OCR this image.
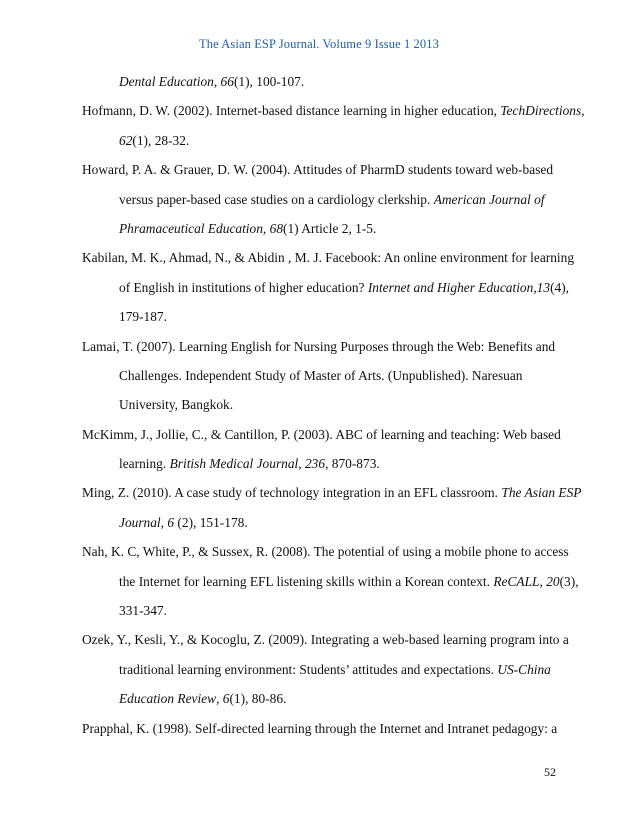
The Asian ESP Journal. Volume 9 Issue 1 2013
Dental Education, 66(1), 100-107.
Hofmann, D. W. (2002). Internet-based distance learning in higher education, TechDirections,
62(1), 28-32.
Howard, P. A. & Grauer, D. W. (2004). Attitudes of PharmD students toward web-based
versus paper-based case studies on a cardiology clerkship. American Journal of
Phramaceutical Education, 68(1) Article 2, 1-5.
Kabilan, M. K., Ahmad, N., & Abidin , M. J. Facebook: An online environment for learning
of English in institutions of higher education? Internet and Higher Education,13(4),
179-187.
Lamai, T. (2007). Learning English for Nursing Purposes through the Web: Benefits and
Challenges. Independent Study of Master of Arts. (Unpublished). Naresuan
University, Bangkok.
McKimm, J., Jollie, C., & Cantillon, P. (2003). ABC of learning and teaching: Web based
learning. British Medical Journal, 236, 870-873.
Ming, Z. (2010). A case study of technology integration in an EFL classroom. The Asian ESP
Journal, 6 (2), 151-178.
Nah, K. C, White, P., & Sussex, R. (2008). The potential of using a mobile phone to access
the Internet for learning EFL listening skills within a Korean context. ReCALL, 20(3),
331-347.
Ozek, Y., Kesli, Y., & Kocoglu, Z. (2009). Integrating a web-based learning program into a
traditional learning environment: Students’ attitudes and expectations. US-China
Education Review, 6(1), 80-86.
Prapphal, K. (1998). Self-directed learning through the Internet and Intranet pedagogy: a
52
